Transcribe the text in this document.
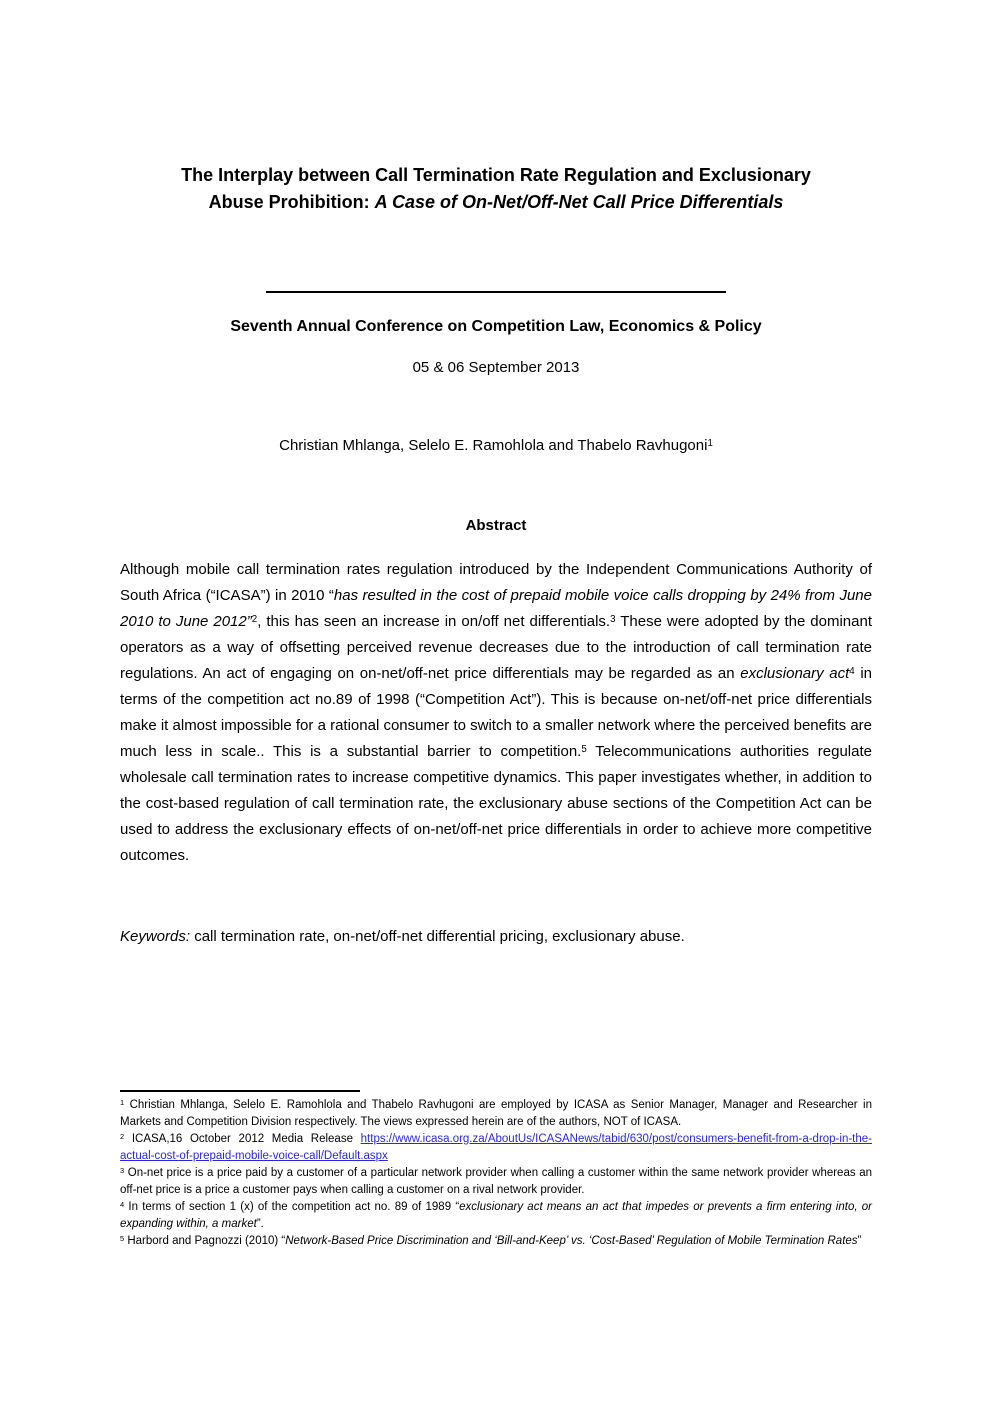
The Interplay between Call Termination Rate Regulation and Exclusionary
Abuse Prohibition: A Case of On-Net/Off-Net Call Price Differentials
Seventh Annual Conference on Competition Law, Economics & Policy
05 & 06 September 2013
Christian Mhlanga, Selelo E. Ramohlola and Thabelo Ravhugoni$^1$
Abstract

Although mobile call termination rates regulation introduced by the Independent Communications Authority of South Africa (“ICASA”) in 2010 “has resulted in the cost of prepaid mobile voice calls dropping by 24% from June 2010 to June 2012”$^2$, this has seen an increase in on/off net differentials.$^3$ These were adopted by the dominant operators as a way of offsetting perceived revenue decreases due to the introduction of call termination rate regulations. An act of engaging on on-net/off-net price differentials may be regarded as an exclusionary act$^4$ in terms of the competition act no.89 of 1998 (“Competition Act”). This is because on-net/off-net price differentials make it almost impossible for a rational consumer to switch to a smaller network where the perceived benefits are much less in scale.. This is a substantial barrier to competition.$^5$ Telecommunications authorities regulate wholesale call termination rates to increase competitive dynamics. This paper investigates whether, in addition to the cost-based regulation of call termination rate, the exclusionary abuse sections of the Competition Act can be used to address the exclusionary effects of on-net/off-net price differentials in order to achieve more competitive outcomes.

Keywords: call termination rate, on-net/off-net differential pricing, exclusionary abuse.

$^1$ Christian Mhlanga, Selelo E. Ramohlola and Thabelo Ravhugoni are employed by ICASA as Senior Manager, Manager and Researcher in Markets and Competition Division respectively. The views expressed herein are of the authors, NOT of ICASA.

$^2$ ICASA,16 October 2012 Media Release https://www.icasa.org.za/AboutUs/ICASANews/tabid/630/post/consumers-benefit-from-a-drop-in-the-actual-cost-of-prepaid-mobile-voice-call/Default.aspx

$^3$ On-net price is a price paid by a customer of a particular network provider when calling a customer within the same network provider whereas an off-net price is a price a customer pays when calling a customer on a rival network provider.

$^4$ In terms of section 1 (x) of the competition act no. 89 of 1989 “exclusionary act means an act that impedes or prevents a firm entering into, or expanding within, a market”.

$^5$ Harbord and Pagnozzi (2010) “Network-Based Price Discrimination and ‘Bill-and-Keep’ vs. ‘Cost-Based’ Regulation of Mobile Termination Rates”
